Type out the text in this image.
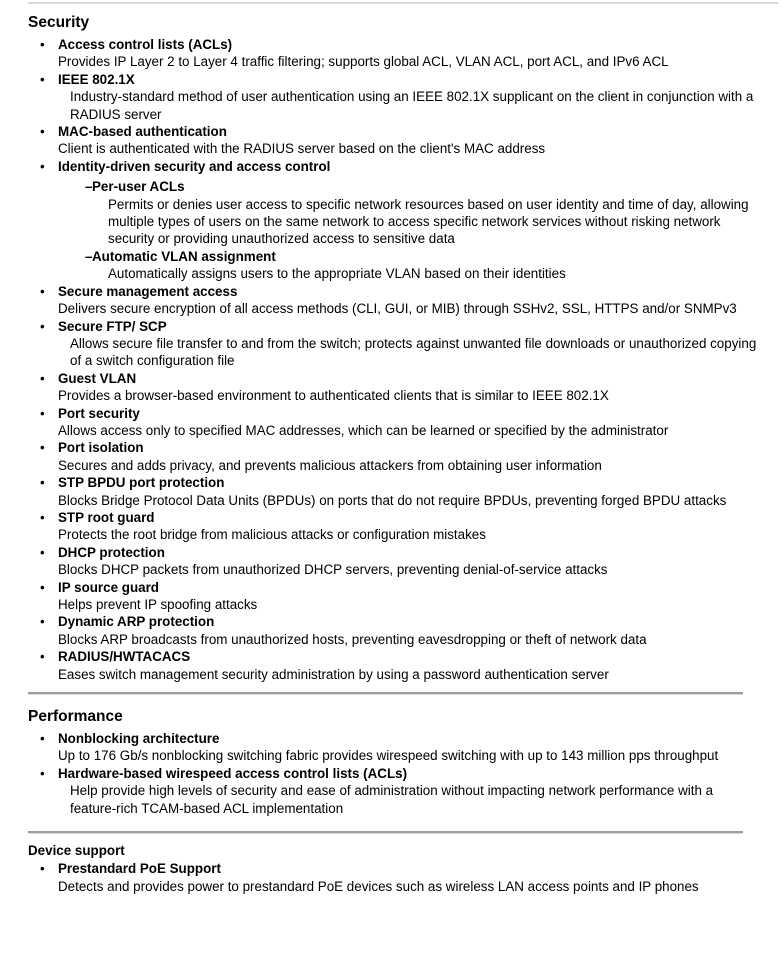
Security
• Access control lists (ACLs)
Provides IP Layer 2 to Layer 4 traffic filtering; supports global ACL, VLAN ACL, port ACL, and IPv6 ACL
• IEEE 802.1X
Industry-standard method of user authentication using an IEEE 802.1X supplicant on the client in conjunction with a RADIUS server
• MAC-based authentication
Client is authenticated with the RADIUS server based on the client's MAC address
• Identity-driven security and access control
– Per-user ACLs
Permits or denies user access to specific network resources based on user identity and time of day, allowing multiple types of users on the same network to access specific network services without risking network security or providing unauthorized access to sensitive data
– Automatic VLAN assignment
Automatically assigns users to the appropriate VLAN based on their identities
• Secure management access
Delivers secure encryption of all access methods (CLI, GUI, or MIB) through SSHv2, SSL, HTTPS and/or SNMPv3
• Secure FTP/ SCP
Allows secure file transfer to and from the switch; protects against unwanted file downloads or unauthorized copying of a switch configuration file
• Guest VLAN
Provides a browser-based environment to authenticated clients that is similar to IEEE 802.1X
• Port security
Allows access only to specified MAC addresses, which can be learned or specified by the administrator
• Port isolation
Secures and adds privacy, and prevents malicious attackers from obtaining user information
• STP BPDU port protection
Blocks Bridge Protocol Data Units (BPDUs) on ports that do not require BPDUs, preventing forged BPDU attacks
• STP root guard
Protects the root bridge from malicious attacks or configuration mistakes
• DHCP protection
Blocks DHCP packets from unauthorized DHCP servers, preventing denial-of-service attacks
• IP source guard
Helps prevent IP spoofing attacks
• Dynamic ARP protection
Blocks ARP broadcasts from unauthorized hosts, preventing eavesdropping or theft of network data
• RADIUS/HWTACACS
Eases switch management security administration by using a password authentication server
Performance
• Nonblocking architecture
Up to 176 Gb/s nonblocking switching fabric provides wirespeed switching with up to 143 million pps throughput
• Hardware-based wirespeed access control lists (ACLs)
Help provide high levels of security and ease of administration without impacting network performance with a feature-rich TCAM-based ACL implementation
Device support
• Prestandard PoE Support
Detects and provides power to prestandard PoE devices such as wireless LAN access points and IP phones
